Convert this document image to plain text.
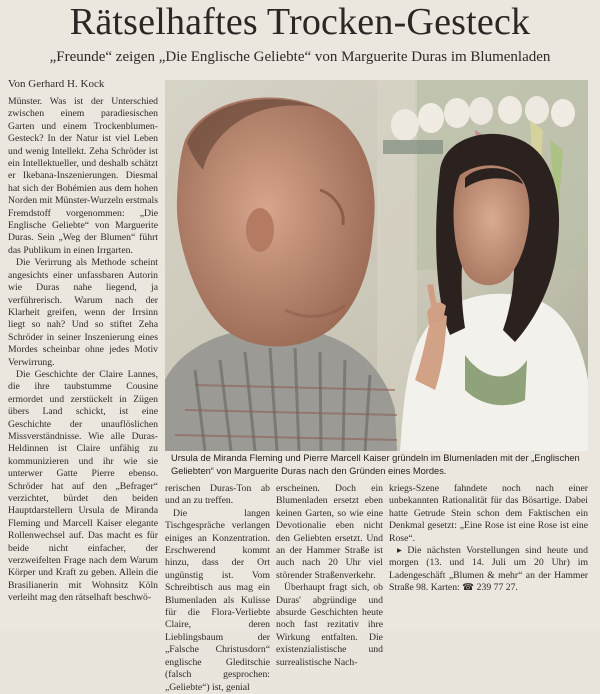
Rätselhaftes Trocken-Gesteck
„Freunde“ zeigen „Die Englische Geliebte“ von Marguerite Duras im Blumenladen
Von Gerhard H. Kock

Münster. Was ist der Unterschied zwischen einem paradiesischen Garten und einem Trockenblumen-Gesteck? In der Natur ist viel Leben und wenig Intellekt. Zeha Schröder ist ein Intellektueller, und deshalb schätzt er Ikebana-Inszenierungen. Diesmal hat sich der Bohémien aus dem hohen Norden mit Münster-Wurzeln erstmals Fremdstoff vorgenommen: „Die Englische Geliebte“ von Marguerite Duras. Sein „Weg der Blumen“ führt das Publikum in einen Irrgarten.

Die Verirrung als Methode scheint angesichts einer unfassbaren Autorin wie Duras nahe liegend, ja verführerisch. Warum nach der Klarheit greifen, wenn der Irrsinn liegt so nah? Und so stiftet Zeha Schröder in seiner Inszenierung eines Mordes scheinbar ohne jedes Motiv Verwirrung.

Die Geschichte der Claire Lannes, die ihre taubstumme Cousine ermordet und zerstückelt in Zügen übers Land schickt, ist eine Geschichte der unauflöslichen Missverständnisse. Wie alle Duras-Heldinnen ist Claire unfähig zu kommunizieren und ihr wie sie unterwer Gatte Pierre ebenso. Schröder hat auf den „Befrager“ verzichtet, bürdet den beiden Hauptdarstellern Ursula de Miranda Fleming und Marcell Kaiser elegante Rollenwechsel auf. Das macht es für beide nicht einfacher, der verzweifelten Frage nach dem Warum Körper und Kraft zu geben. Allein die Brasilianerin mit Wohnsitz Köln verleiht mag den rätselhaft beschwö-

Ursula de Miranda Fleming und Pierre Marcell Kaiser gründeln im Blumenladen mit der „Englischen Geliebten“ von Marguerite Duras nach den Gründen eines Mordes.

rerischen Duras-Ton ab und an zu treffen.

Die langen Tischgespräche verlangen einiges an Konzentration. Erschwerend kommt hinzu, dass der Ort ungünstig ist. Vom Schreibtisch aus mag ein Blumenladen als Kulisse für die Flora-Verliebte Claire, deren Lieblingsbaum der „Falsche Christusdorn“ englische Gleditschie (falsch gesprochen: „Geliebte“) ist, genial

erscheinen. Doch ein Blumenladen ersetzt eben keinen Garten, so wie eine Devotionalie eben nicht den Geliebten ersetzt. Und an der Hammer Straße ist auch nach 20 Uhr viel störender Straßenverkehr.

Überhaupt fragt sich, ob Duras' abgründige und absurde Geschichten heute noch fast rezitativ ihre Wirkung entfalten. Die existenzialistische und surrealistische Nach-

kriegs-Szene fahndete noch nach einer unbekannten Rationalität für das Bösartige. Dabei hatte Getrude Stein schon dem Faktischen ein Denkmal gesetzt: „Eine Rose ist eine Rose ist eine Rose“.

▸ Die nächsten Vorstellungen sind heute und morgen (13. und 14. Juli um 20 Uhr) im Ladengeschäft „Blumen & mehr“ an der Hammer Straße 98. Karten: ☎ 239 77 27.
